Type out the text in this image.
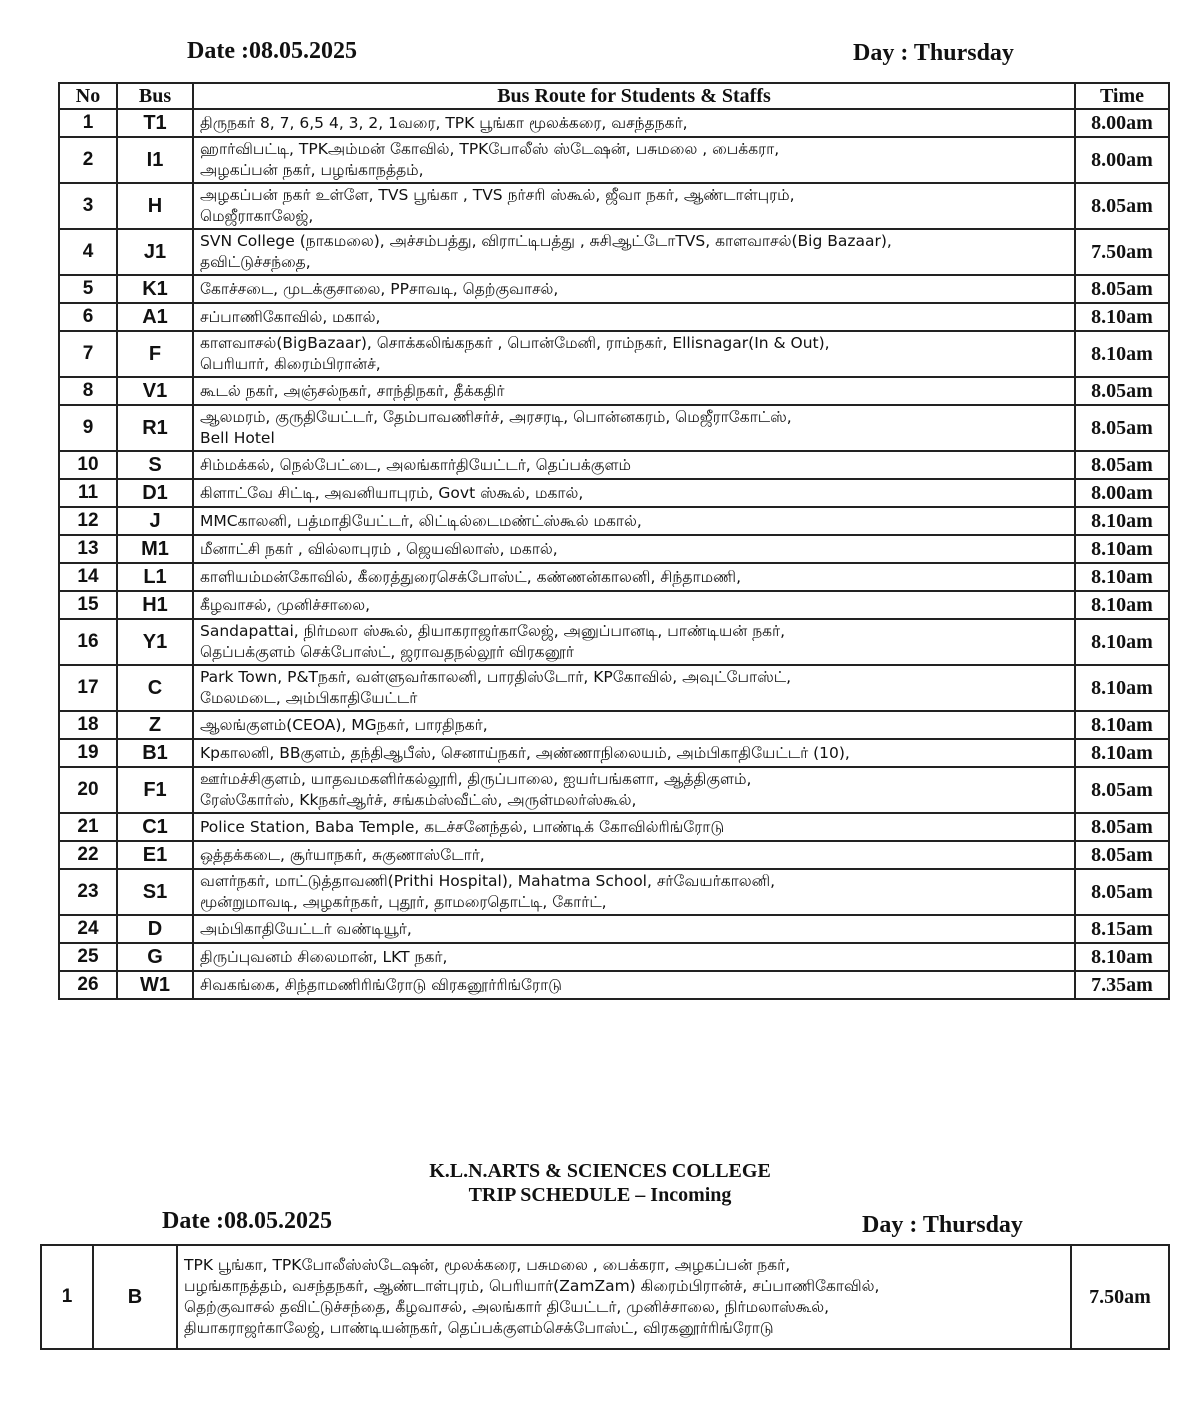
Date :08.05.2025	Day : Thursday
No	Bus	Bus Route for Students & Staffs	Time
1	T1	திருநகர் 8, 7, 6,5 4, 3, 2, 1வரை, TPK பூங்கா மூலக்கரை, வசந்தநகர்,	8.00am
2	I1	ஹார்விபட்டி, TPKஅம்மன் கோவில், TPKபோலீஸ் ஸ்டேஷன், பசுமலை , பைக்கரா,
அழகப்பன் நகர், பழங்காநத்தம்,	8.00am
3	H	அழகப்பன் நகர் உள்ளே, TVS பூங்கா , TVS நர்சரி ஸ்கூல், ஜீவா நகர், ஆண்டாள்புரம்,
மெஜீராகாலேஜ்,	8.05am
4	J1	SVN College (நாகமலை), அச்சம்பத்து, விராட்டிபத்து , சுசிஆட்டோTVS, காளவாசல்(Big Bazaar),
தவிட்டுச்சந்தை,	7.50am
5	K1	கோச்சடை, முடக்குசாலை, PPசாவடி, தெற்குவாசல்,	8.05am
6	A1	சப்பாணிகோவில், மகால்,	8.10am
7	F	காளவாசல்(BigBazaar), சொக்கலிங்கநகர் , பொன்மேனி, ராம்நகர், Ellisnagar(In & Out),
பெரியார், கிரைம்பிரான்ச்,	8.10am
8	V1	கூடல் நகர், அஞ்சல்நகர், சாந்திநகர், தீக்கதிர்	8.05am
9	R1	ஆலமரம், குருதியேட்டர், தேம்பாவணிசர்ச், அரசரடி, பொன்னகரம், மெஜீராகோட்ஸ்,
Bell Hotel	8.05am
10	S	சிம்மக்கல், நெல்பேட்டை, அலங்கார்தியேட்டர், தெப்பக்குளம்	8.05am
11	D1	கிளாட்வே சிட்டி, அவனியாபுரம், Govt ஸ்கூல், மகால்,	8.00am
12	J	MMCகாலனி, பத்மாதியேட்டர், லிட்டில்டைமண்ட்ஸ்கூல் மகால்,	8.10am
13	M1	மீனாட்சி நகர் , வில்லாபுரம் , ஜெயவிலாஸ், மகால்,	8.10am
14	L1	காளியம்மன்கோவில், கீரைத்துரைசெக்போஸ்ட், கண்ணன்காலனி, சிந்தாமணி,	8.10am
15	H1	கீழவாசல், முனிச்சாலை,	8.10am
16	Y1	Sandapattai, நிர்மலா ஸ்கூல், தியாகராஜர்காலேஜ், அனுப்பானடி, பாண்டியன் நகர்,
தெப்பக்குளம் செக்போஸ்ட், ஜராவதநல்லூர் விரகனூர்	8.10am
17	C	Park Town, P&Tநகர், வள்ளுவர்காலனி, பாரதிஸ்டோர், KPகோவில், அவுட்போஸ்ட்,
மேலமடை, அம்பிகாதியேட்டர்	8.10am
18	Z	ஆலங்குளம்(CEOA), MGநகர், பாரதிநகர்,	8.10am
19	B1	Kpகாலனி, BBகுளம், தந்திஆபீஸ், செனாய்நகர், அண்ணாநிலையம், அம்பிகாதியேட்டர் (10),	8.10am
20	F1	ஊர்மச்சிகுளம், யாதவமகளிர்கல்லூரி, திருப்பாலை, ஐயர்பங்களா, ஆத்திகுளம்,
ரேஸ்கோர்ஸ், Kkநகர்ஆர்ச், சங்கம்ஸ்வீட்ஸ், அருள்மலர்ஸ்கூல்,	8.05am
21	C1	Police Station, Baba Temple, கடச்சனேந்தல், பாண்டிக் கோவில்ரிங்ரோடு	8.05am
22	E1	ஒத்தக்கடை, சூர்யாநகர், சுகுணாஸ்டோர்,	8.05am
23	S1	வளர்நகர், மாட்டுத்தாவணி(Prithi Hospital), Mahatma School, சர்வேயர்காலனி,
மூன்றுமாவடி, அழகர்நகர், புதூர், தாமரைதொட்டி, கோர்ட்,	8.05am
24	D	அம்பிகாதியேட்டர் வண்டியூர்,	8.15am
25	G	திருப்புவனம் சிலைமான், LKT நகர்,	8.10am
26	W1	சிவகங்கை, சிந்தாமணிரிங்ரோடு விரகனூர்ரிங்ரோடு	7.35am
K.L.N.ARTS & SCIENCES COLLEGE
TRIP SCHEDULE – Incoming
Date :08.05.2025	Day : Thursday
1	B	TPK பூங்கா, TPKபோலீஸ்ஸ்டேஷன், மூலக்கரை, பசுமலை , பைக்கரா, அழகப்பன் நகர்,
பழங்காநத்தம், வசந்தநகர், ஆண்டாள்புரம், பெரியார்(ZamZam) கிரைம்பிரான்ச், சப்பாணிகோவில்,
தெற்குவாசல் தவிட்டுச்சந்தை, கீழவாசல், அலங்கார் தியேட்டர், முனிச்சாலை, நிர்மலாஸ்கூல்,
தியாகராஜர்காலேஜ், பாண்டியன்நகர், தெப்பக்குளம்செக்போஸ்ட், விரகனூர்ரிங்ரோடு	7.50am
